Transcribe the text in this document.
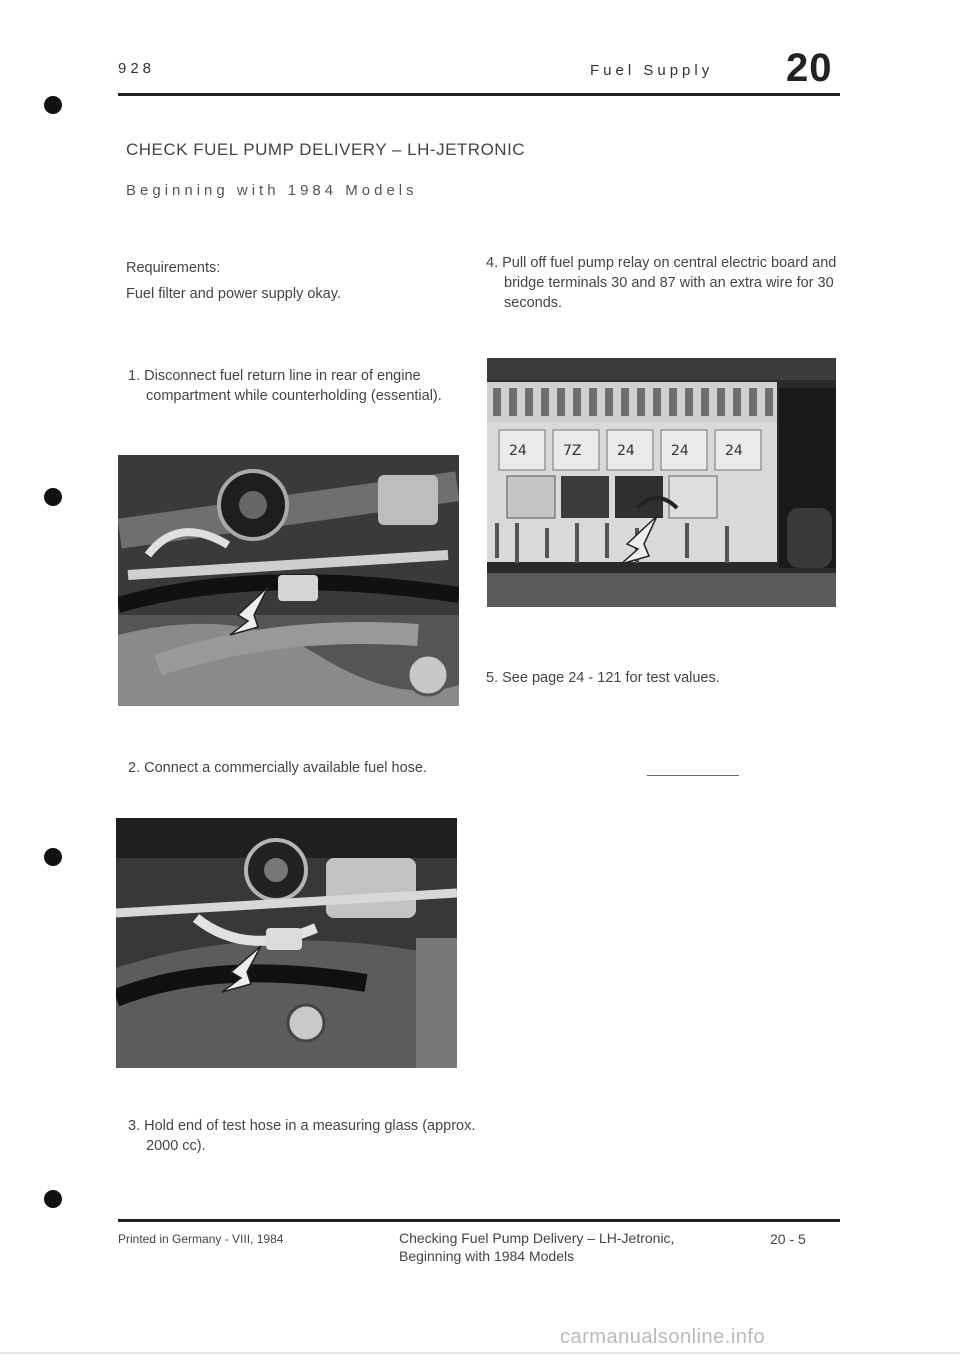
928	Fuel Supply 20
CHECK FUEL PUMP DELIVERY – LH-JETRONIC
Beginning with 1984 Models
Requirements:
Fuel filter and power supply okay.
1. Disconnect fuel return line in rear of engine compartment while counterholding (essential).
2. Connect a commercially available fuel hose.
3. Hold end of test hose in a measuring glass (approx. 2000 cc).
4. Pull off fuel pump relay on central electric board and bridge terminals 30 and 87 with an extra wire for 30 seconds.
24	7Z	24	24	24
5. See page 24 - 121 for test values.
Printed in Germany - VIII, 1984	Checking Fuel Pump Delivery – LH-Jetronic,
Beginning with 1984 Models
20 - 5
carmanualsonline.info
